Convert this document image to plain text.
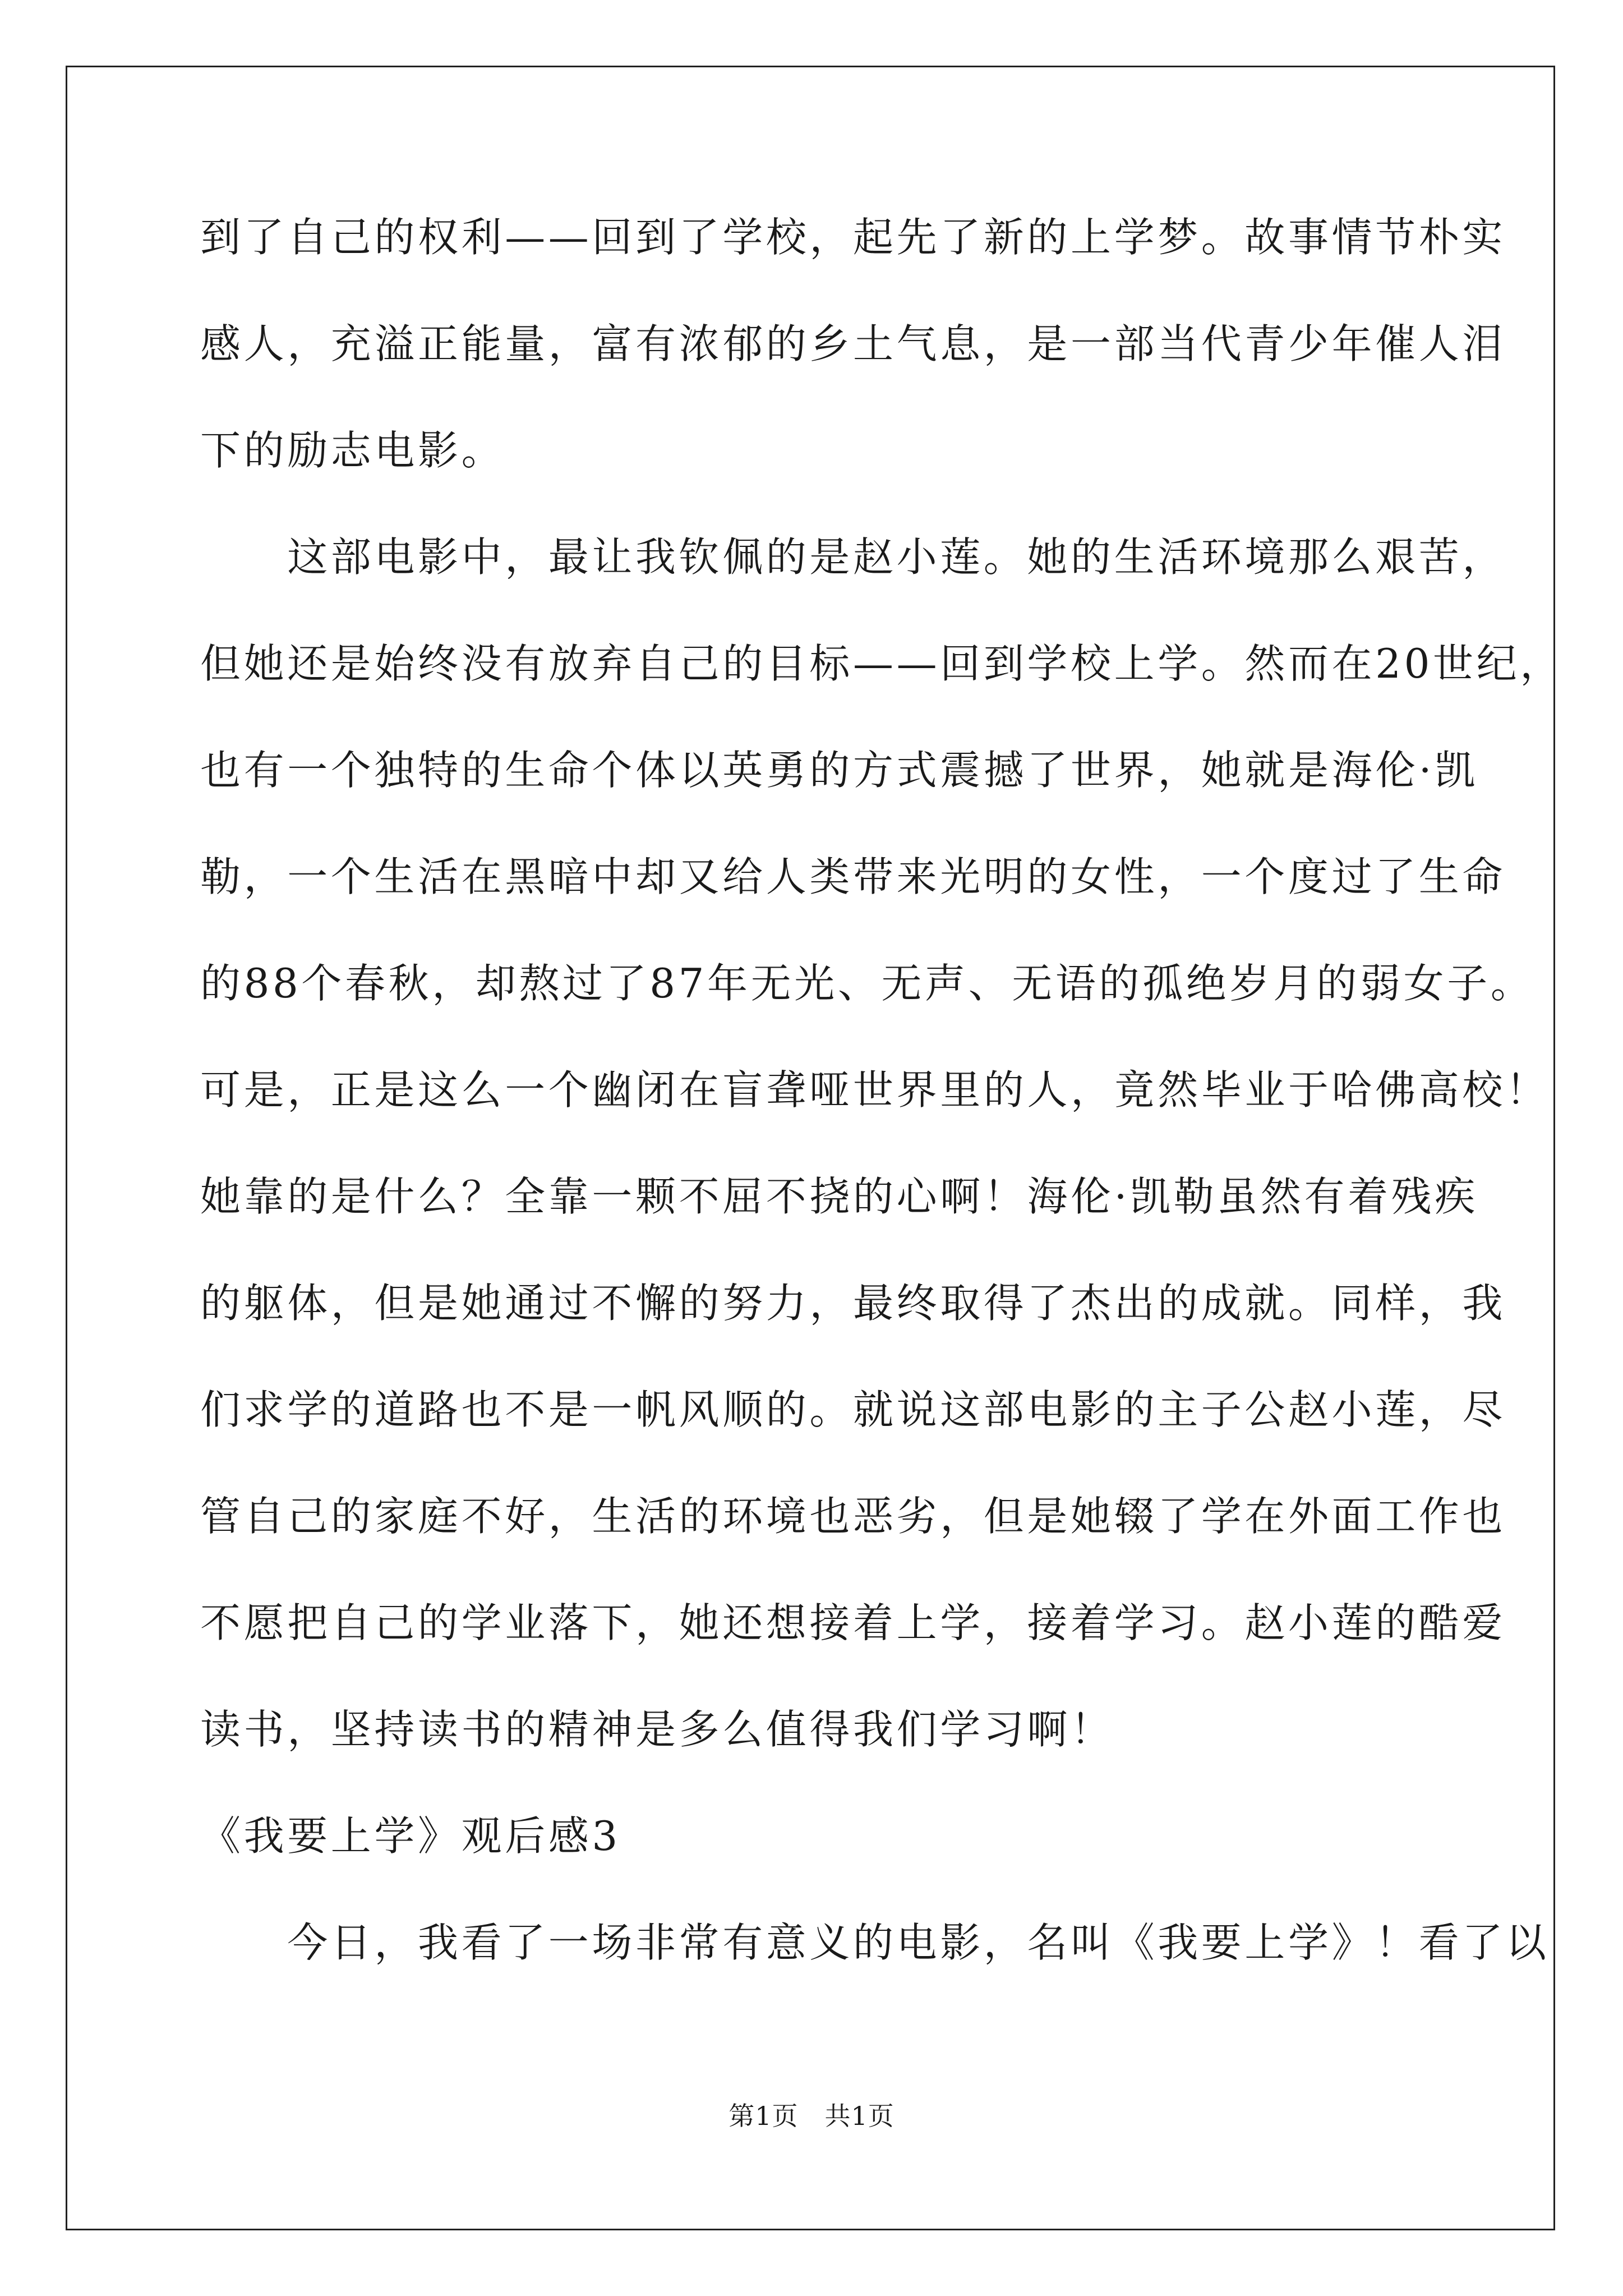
到了自己的权利——回到了学校，起先了新的上学梦。故事情节朴实
感人，充溢正能量，富有浓郁的乡土气息，是一部当代青少年催人泪
下的励志电影。
　　这部电影中，最让我钦佩的是赵小莲。她的生活环境那么艰苦，
但她还是始终没有放弃自己的目标——回到学校上学。然而在20世纪，
也有一个独特的生命个体以英勇的方式震撼了世界，她就是海伦·凯
勒，一个生活在黑暗中却又给人类带来光明的女性，一个度过了生命
的88个春秋，却熬过了87年无光、无声、无语的孤绝岁月的弱女子。
可是，正是这么一个幽闭在盲聋哑世界里的人，竟然毕业于哈佛高校！
她靠的是什么？全靠一颗不屈不挠的心啊！海伦·凯勒虽然有着残疾
的躯体，但是她通过不懈的努力，最终取得了杰出的成就。同样，我
们求学的道路也不是一帆风顺的。就说这部电影的主子公赵小莲，尽
管自己的家庭不好，生活的环境也恶劣，但是她辍了学在外面工作也
不愿把自己的学业落下，她还想接着上学，接着学习。赵小莲的酷爱
读书，坚持读书的精神是多么值得我们学习啊！
《我要上学》观后感3
　　今日，我看了一场非常有意义的电影，名叫《我要上学》！看了以
第1页　共1页
